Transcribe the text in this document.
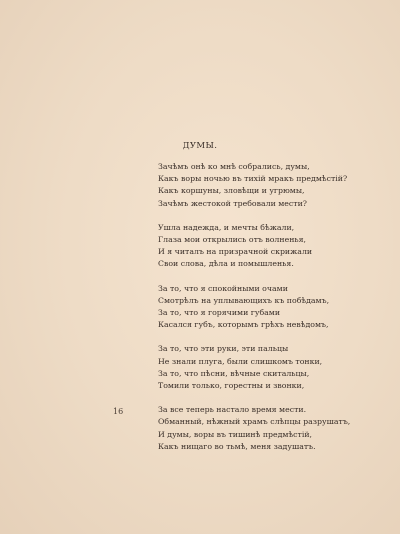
ДУМЫ.
Зачѣмъ онѣ ко мнѣ собрались, думы,
Какъ воры ночью въ тихій мракъ предмѣстій?
Какъ коршуны, зловѣщи и угрюмы,
Зачѣмъ жестокой требовали мести?
Ушла надежда, и мечты бѣжали,
Глаза мои открылись отъ волненья,
И я читалъ на призрачной скрижали
Свои слова, дѣла и помышленья.
За то, что я спокойными очами
Смотрѣлъ на уплывающихъ къ побѣдамъ,
За то, что я горячими губами
Касался губъ, которымъ грѣхъ невѣдомъ,
За то, что эти руки, эти пальцы
Не знали плуга, были слишкомъ тонки,
За то, что пѣсни, вѣчные скитальцы,
Томили только, горестны и звонки,
За все теперь настало время мести.
Обманный, нѣжный храмъ слѣпцы разрушатъ,
И думы, воры въ тишинѣ предмѣстій,
Какъ нищаго во тьмѣ, меня задушатъ.
16
